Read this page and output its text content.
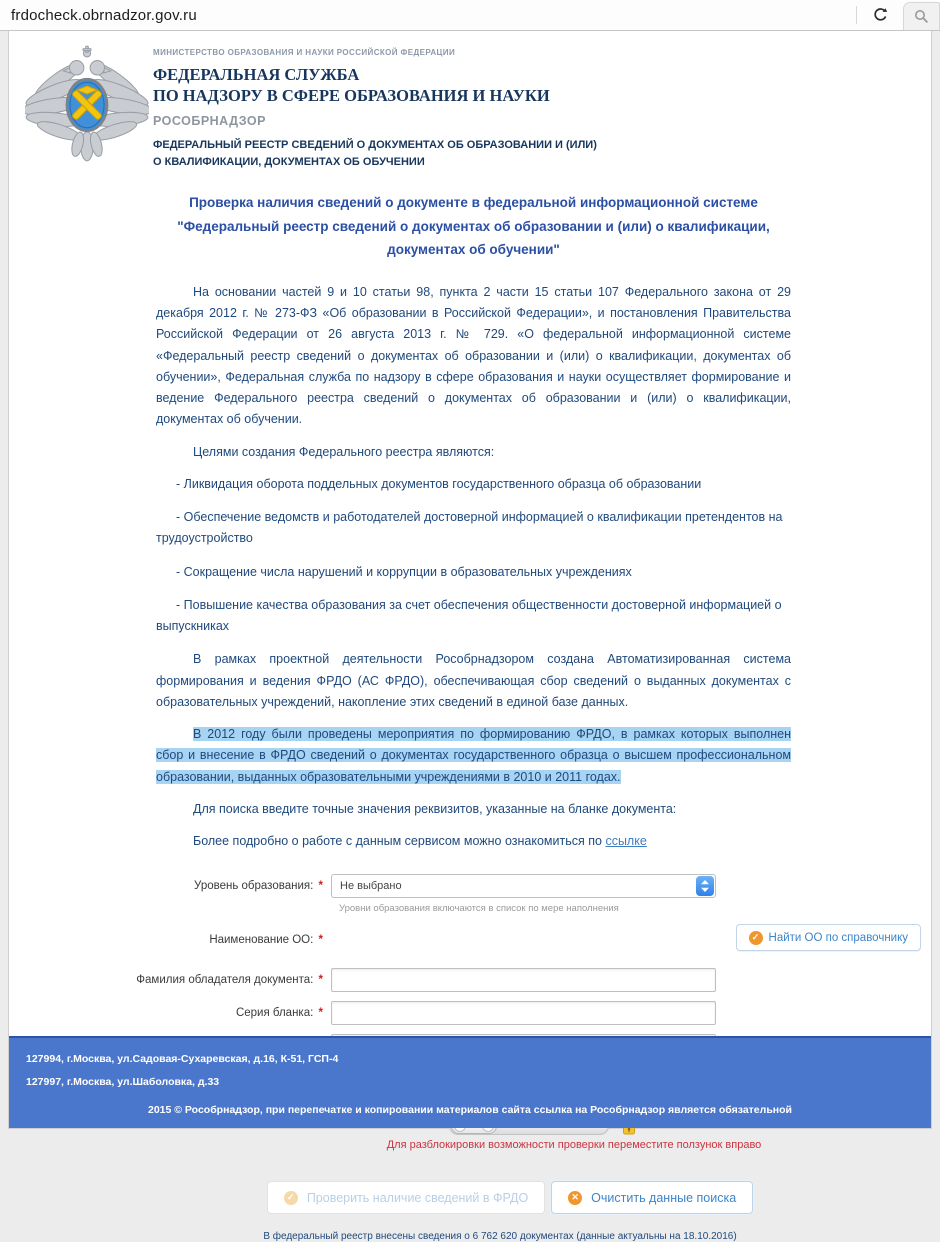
frdocheck.obrnadzor.gov.ru
МИНИСТЕРСТВО ОБРАЗОВАНИЯ И НАУКИ РОССИЙСКОЙ ФЕДЕРАЦИИ
ФЕДЕРАЛЬНАЯ СЛУЖБА
ПО НАДЗОРУ В СФЕРЕ ОБРАЗОВАНИЯ И НАУКИ
РОСОБРНАДЗОР
ФЕДЕРАЛЬНЫЙ РЕЕСТР СВЕДЕНИЙ О ДОКУМЕНТАХ ОБ ОБРАЗОВАНИИ И (ИЛИ)
О КВАЛИФИКАЦИИ, ДОКУМЕНТАХ ОБ ОБУЧЕНИИ
Проверка наличия сведений о документе в федеральной информационной системе "Федеральный реестр сведений о документах об образовании и (или) о квалификации, документах об обучении"

На основании частей 9 и 10 статьи 98, пункта 2 части 15 статьи 107 Федерального закона от 29 декабря 2012 г. № 273-ФЗ «Об образовании в Российской Федерации», и постановления Правительства Российской Федерации от 26 августа 2013 г. № 729. «О федеральной информационной системе «Федеральный реестр сведений о документах об образовании и (или) о квалификации, документах об обучении», Федеральная служба по надзору в сфере образования и науки осуществляет формирование и ведение Федерального реестра сведений о документах об образовании и (или) о квалификации, документах об обучении.

Целями создания Федерального реестра являются:

- Ликвидация оборота поддельных документов государственного образца об образовании

- Обеспечение ведомств и работодателей достоверной информацией о квалификации претендентов на трудоустройство

- Сокращение числа нарушений и коррупции в образовательных учреждениях

- Повышение качества образования за счет обеспечения общественности достоверной информацией о выпускниках

В рамках проектной деятельности Рособрнадзором создана Автоматизированная система формирования и ведения ФРДО (АС ФРДО), обеспечивающая сбор сведений о выданных документах с образовательных учреждений, накопление этих сведений в единой базе данных.

В 2012 году были проведены мероприятия по формированию ФРДО, в рамках которых выполнен сбор и внесение в ФРДО сведений о документах государственного образца о высшем профессиональном образовании, выданных образовательными учреждениями в 2010 и 2011 годах.

Для поиска введите точные значения реквизитов, указанные на бланке документа:

Более подробно о работе с данным сервисом можно ознакомиться по ссылке

Уровень образования: *	Не выбрано
Уровни образования включаются в список по мере наполнения
Наименование ОО: *	✓ Найти ОО по справочнику
Фамилия обладателя документа: *
Серия бланка: *
Для разблокировки возможности проверки переместите ползунок вправо
✓ Проверить наличие сведений в ФРДО	✕ Очистить данные поиска
В федеральный реестр внесены сведения о 6 762 620 документах (данные актуальны на 18.10.2016)
127994, г.Москва, ул.Садовая-Сухаревская, д.16, К-51, ГСП-4
127997, г.Москва, ул.Шаболовка, д.33
2015 © Рособрнадзор, при перепечатке и копировании материалов сайта ссылка на Рособрнадзор является обязательной
